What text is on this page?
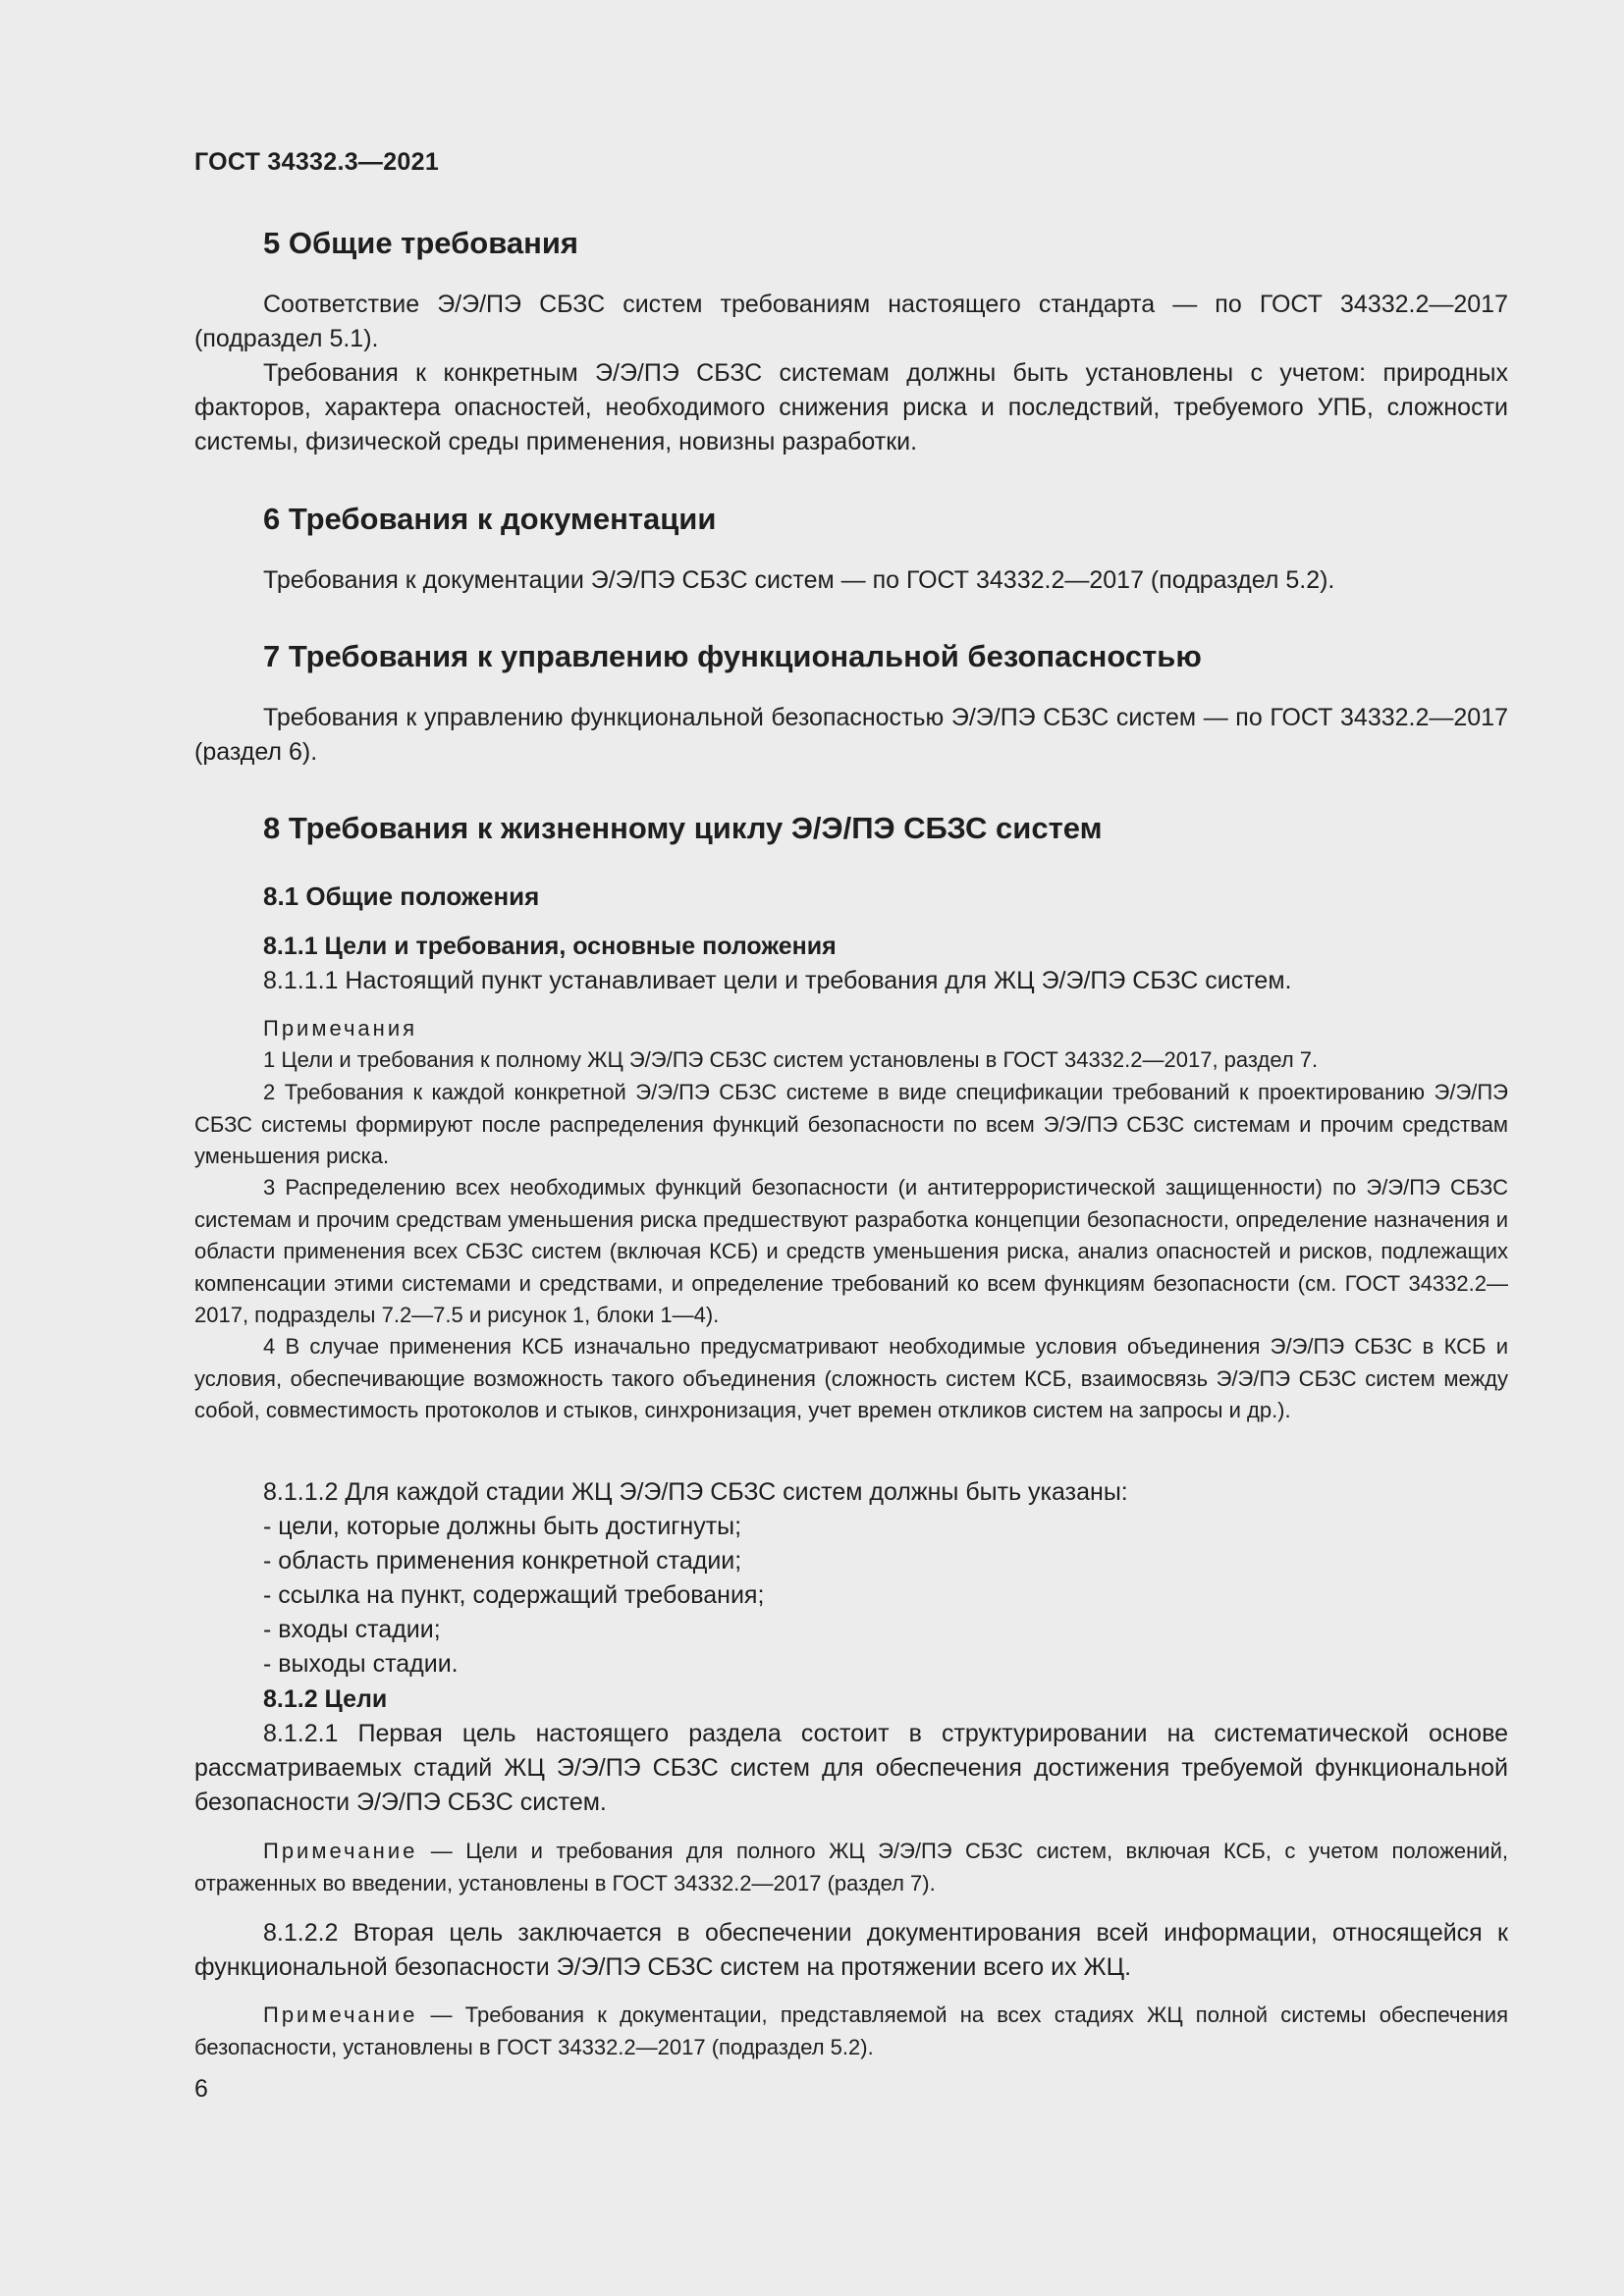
ГОСТ 34332.3—2021
5 Общие требования

Соответствие Э/Э/ПЭ СБЗС систем требованиям настоящего стандарта — по ГОСТ 34332.2—2017 (подраздел 5.1).

Требования к конкретным Э/Э/ПЭ СБЗС системам должны быть установлены с учетом: природных факторов, характера опасностей, необходимого снижения риска и последствий, требуемого УПБ, сложности системы, физической среды применения, новизны разработки.

6 Требования к документации

Требования к документации Э/Э/ПЭ СБЗС систем — по ГОСТ 34332.2—2017 (подраздел 5.2).

7 Требования к управлению функциональной безопасностью

Требования к управлению функциональной безопасностью Э/Э/ПЭ СБЗС систем — по ГОСТ 34332.2—2017 (раздел 6).

8 Требования к жизненному циклу Э/Э/ПЭ СБЗС систем
8.1 Общие положения
8.1.1 Цели и требования, основные положения

8.1.1.1 Настоящий пункт устанавливает цели и требования для ЖЦ Э/Э/ПЭ СБЗС систем.

Примечания

1 Цели и требования к полному ЖЦ Э/Э/ПЭ СБЗС систем установлены в ГОСТ 34332.2—2017, раздел 7.

2 Требования к каждой конкретной Э/Э/ПЭ СБЗС системе в виде спецификации требований к проектированию Э/Э/ПЭ СБЗС системы формируют после распределения функций безопасности по всем Э/Э/ПЭ СБЗС системам и прочим средствам уменьшения риска.

3 Распределению всех необходимых функций безопасности (и антитеррористической защищенности) по Э/Э/ПЭ СБЗС системам и прочим средствам уменьшения риска предшествуют разработка концепции безопасности, определение назначения и области применения всех СБЗС систем (включая КСБ) и средств уменьшения риска, анализ опасностей и рисков, подлежащих компенсации этими системами и средствами, и определение требований ко всем функциям безопасности (см. ГОСТ 34332.2—2017, подразделы 7.2—7.5 и рисунок 1, блоки 1—4).

4 В случае применения КСБ изначально предусматривают необходимые условия объединения Э/Э/ПЭ СБЗС в КСБ и условия, обеспечивающие возможность такого объединения (сложность систем КСБ, взаимосвязь Э/Э/ПЭ СБЗС систем между собой, совместимость протоколов и стыков, синхронизация, учет времен откликов систем на запросы и др.).

8.1.1.2 Для каждой стадии ЖЦ Э/Э/ПЭ СБЗС систем должны быть указаны:

- цели, которые должны быть достигнуты;
- область применения конкретной стадии;
- ссылка на пункт, содержащий требования;
- входы стадии;
- выходы стадии.
8.1.2 Цели

8.1.2.1 Первая цель настоящего раздела состоит в структурировании на систематической основе рассматриваемых стадий ЖЦ Э/Э/ПЭ СБЗС систем для обеспечения достижения требуемой функциональной безопасности Э/Э/ПЭ СБЗС систем.

Примечание — Цели и требования для полного ЖЦ Э/Э/ПЭ СБЗС систем, включая КСБ, с учетом положений, отраженных во введении, установлены в ГОСТ 34332.2—2017 (раздел 7).

8.1.2.2 Вторая цель заключается в обеспечении документирования всей информации, относящейся к функциональной безопасности Э/Э/ПЭ СБЗС систем на протяжении всего их ЖЦ.

Примечание — Требования к документации, представляемой на всех стадиях ЖЦ полной системы обеспечения безопасности, установлены в ГОСТ 34332.2—2017 (подраздел 5.2).

6
